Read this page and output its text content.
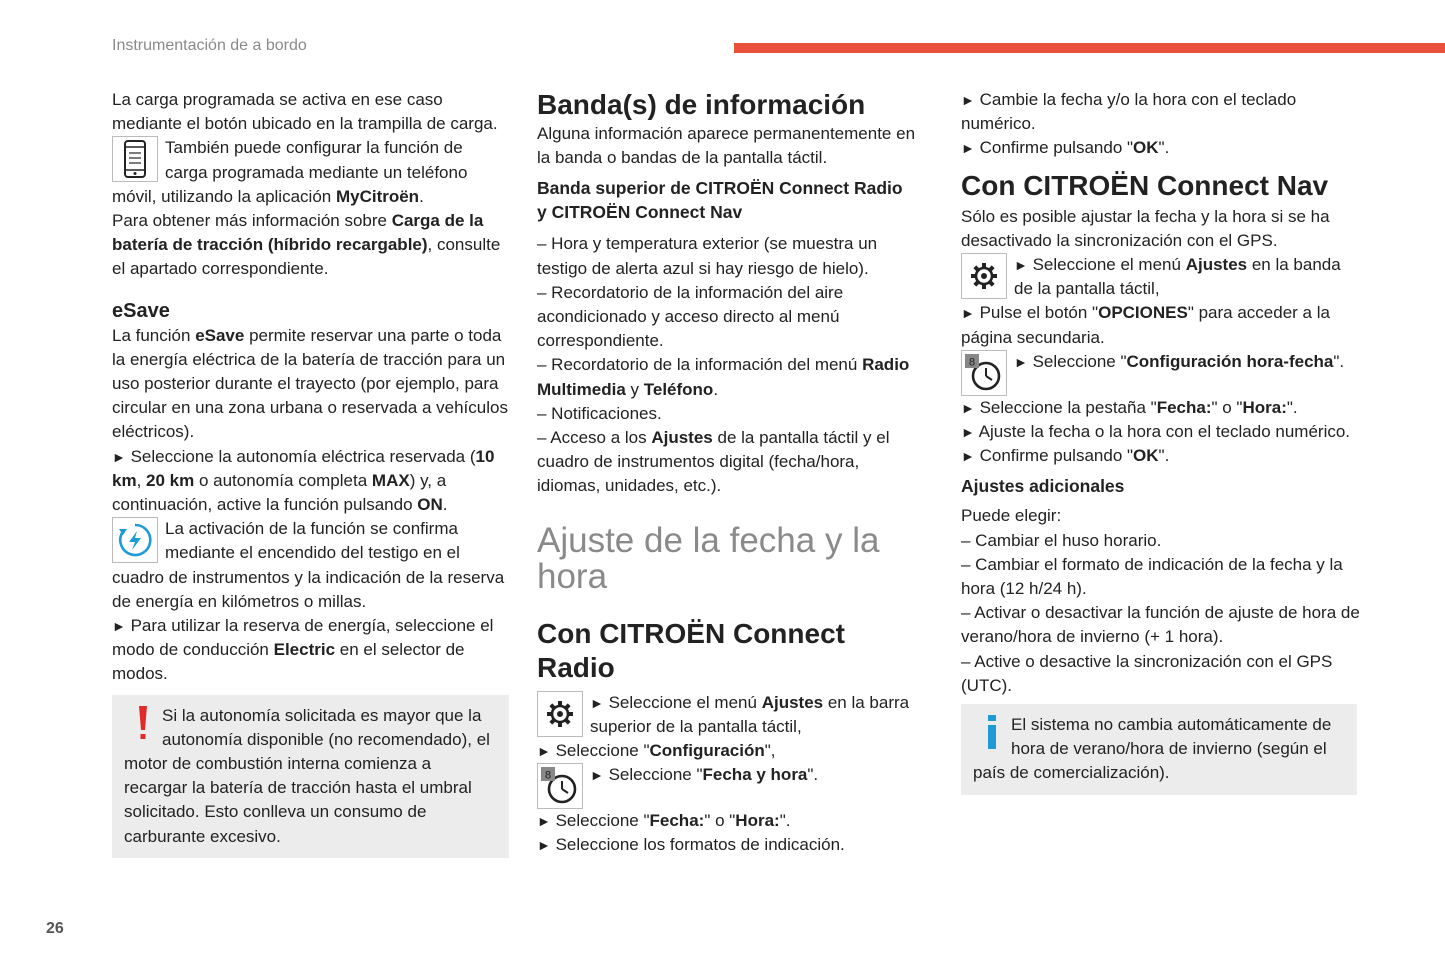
Instrumentación de a bordo

La carga programada se activa en ese caso mediante el botón ubicado en la trampilla de carga.

También puede configurar la función de carga programada mediante un teléfono móvil, utilizando la aplicación MyCitroën.

Para obtener más información sobre Carga de la batería de tracción (híbrido recargable), consulte el apartado correspondiente.

eSave

La función eSave permite reservar una parte o toda la energía eléctrica de la batería de tracción para un uso posterior durante el trayecto (por ejemplo, para circular en una zona urbana o reservada a vehículos eléctricos).

► Seleccione la autonomía eléctrica reservada (10 km, 20 km o autonomía completa MAX) y, a continuación, active la función pulsando ON.

La activación de la función se confirma mediante el encendido del testigo en el cuadro de instrumentos y la indicación de la reserva de energía en kilómetros o millas.

► Para utilizar la reserva de energía, seleccione el modo de conducción Electric en el selector de modos.

Si la autonomía solicitada es mayor que la autonomía disponible (no recomendado), el motor de combustión interna comienza a recargar la batería de tracción hasta el umbral solicitado. Esto conlleva un consumo de carburante excesivo.
Banda(s) de información

Alguna información aparece permanentemente en la banda o bandas de la pantalla táctil.

Banda superior de CITROËN Connect Radio y CITROËN Connect Nav

– Hora y temperatura exterior (se muestra un testigo de alerta azul si hay riesgo de hielo).

– Recordatorio de la información del aire acondicionado y acceso directo al menú correspondiente.

– Recordatorio de la información del menú Radio Multimedia y Teléfono.

– Notificaciones.

– Acceso a los Ajustes de la pantalla táctil y el cuadro de instrumentos digital (fecha/hora, idiomas, unidades, etc.).

Ajuste de la fecha y la hora
Con CITROËN Connect Radio

► Seleccione el menú Ajustes en la barra superior de la pantalla táctil,

► Seleccione "Configuración",

8	► Seleccione "Fecha y hora".

► Seleccione "Fecha:" o "Hora:".

► Seleccione los formatos de indicación.

► Cambie la fecha y/o la hora con el teclado numérico.

► Confirme pulsando "OK".

Con CITROËN Connect Nav

Sólo es posible ajustar la fecha y la hora si se ha desactivado la sincronización con el GPS.

► Seleccione el menú Ajustes en la banda de la pantalla táctil,

► Pulse el botón "OPCIONES" para acceder a la página secundaria.

8	► Seleccione "Configuración hora-fecha".

► Seleccione la pestaña "Fecha:" o "Hora:".

► Ajuste la fecha o la hora con el teclado numérico.

► Confirme pulsando "OK".

Ajustes adicionales

Puede elegir:

– Cambiar el huso horario.

– Cambiar el formato de indicación de la fecha y la hora (12 h/24 h).

– Activar o desactivar la función de ajuste de hora de verano/hora de invierno (+ 1 hora).

– Active o desactive la sincronización con el GPS (UTC).

El sistema no cambia automáticamente de hora de verano/hora de invierno (según el país de comercialización).
26
